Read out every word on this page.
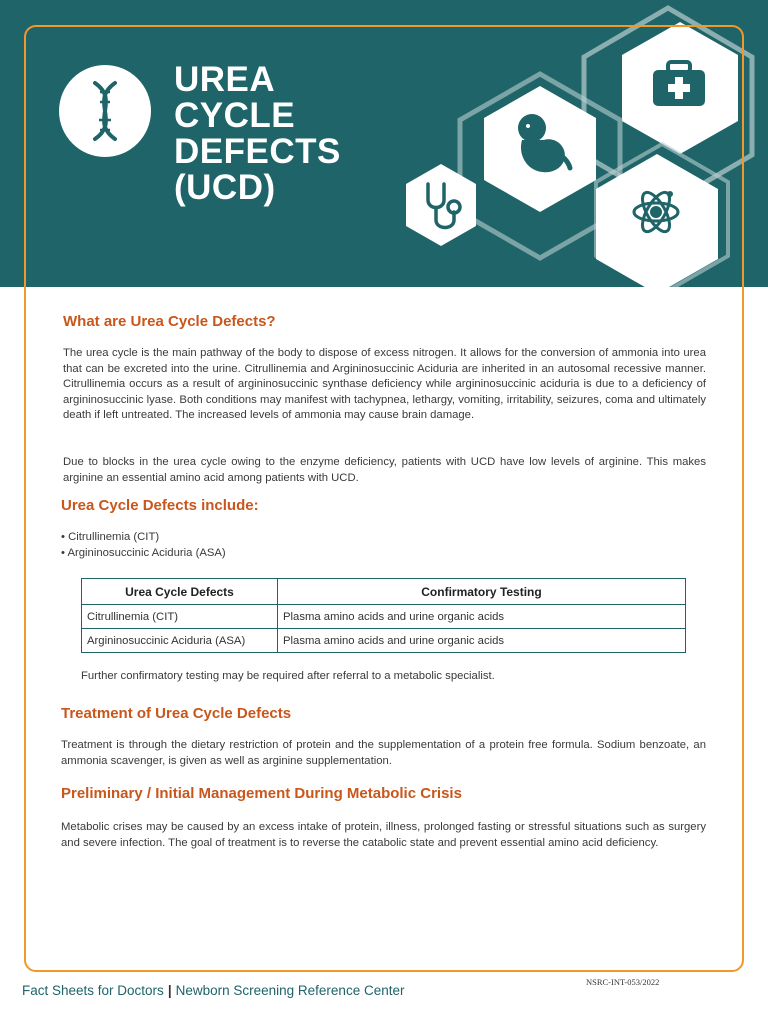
UREA
CYCLE
DEFECTS
(UCD)
What are Urea Cycle Defects?

The urea cycle is the main pathway of the body to dispose of excess nitrogen. It allows for the conversion of ammonia into urea that can be excreted into the urine. Citrullinemia and Argininosuccinic Aciduria are inherited in an autosomal recessive manner. Citrullinemia occurs as a result of argininosuccinic synthase deficiency while argininosuccinic aciduria is due to a deficiency of argininosuccinic lyase. Both conditions may manifest with tachypnea, lethargy, vomiting, irritability, seizures, coma and ultimately death if left untreated. The increased levels of ammonia may cause brain damage.

Due to blocks in the urea cycle owing to the enzyme deficiency, patients with UCD have low levels of arginine. This makes arginine an essential amino acid among patients with UCD.

Urea Cycle Defects include:
• Citrullinemia (CIT)
• Argininosuccinic Aciduria (ASA)
Urea Cycle Defects	Confirmatory Testing
Citrullinemia (CIT)	Plasma amino acids and urine organic acids
Argininosuccinic Aciduria (ASA)	Plasma amino acids and urine organic acids

Further confirmatory testing may be required after referral to a metabolic specialist.

Treatment of Urea Cycle Defects

Treatment is through the dietary restriction of protein and the supplementation of a protein free formula. Sodium benzoate, an ammonia scavenger, is given as well as arginine supplementation.

Preliminary / Initial Management During Metabolic Crisis

Metabolic crises may be caused by an excess intake of protein, illness, prolonged fasting or stressful situations such as surgery and severe infection. The goal of treatment is to reverse the catabolic state and prevent essential amino acid deficiency.

NSRC-INT-053/2022
Fact Sheets for Doctors | Newborn Screening Reference Center
